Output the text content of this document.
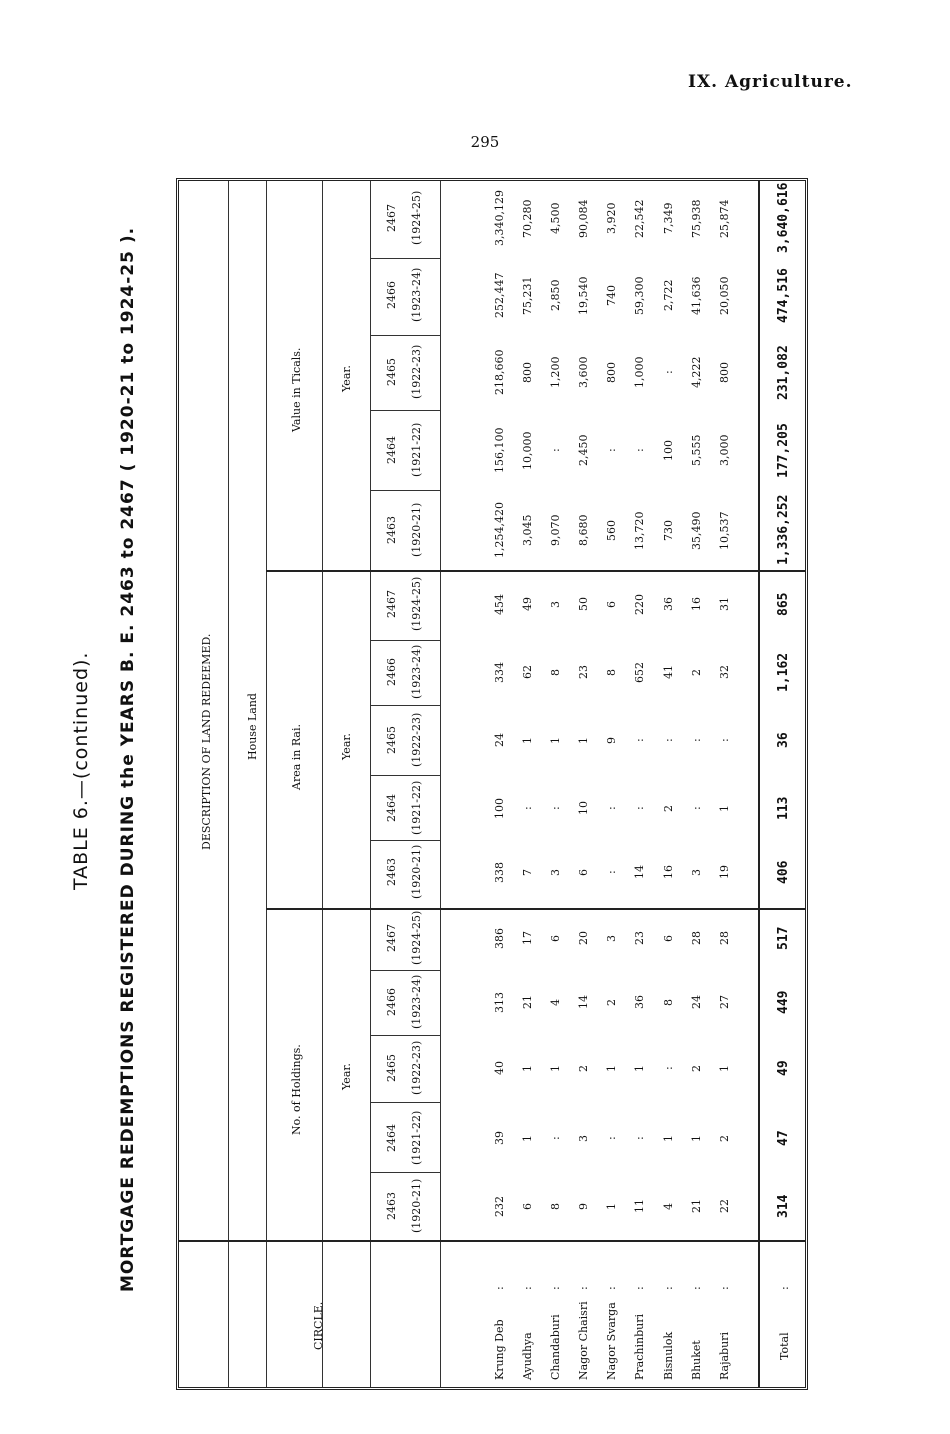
IX. Agriculture.
295
TABLE 6.—(continued). MORTGAGE REDEMPTIONS REGISTERED DURING the YEARS B. E. 2463 to 2467 ( 1920-21 to 1924-25 ).
CIRCLE.
DESCRIPTION OF LAND REDEEMED.	House Land
No. of Holdings.
Area in Rai.
Value in Ticals.
Year.
Year.
Year.
2463 (1920-21)
2464 (1921-22)
2465 (1922-23)
2466 (1923-24)
2467 (1924-25)
2463 (1920-21)
2464 (1921-22)
2465 (1922-23)
2466 (1923-24)
2467 (1924-25)
2463 (1920-21)
2464 (1921-22)
2465 (1922-23)
2466 (1923-24)
2467 (1924-25)
Krung Deb
:
232
39
40
313
386
338
100
24
334
454
1,254,420
156,100
218,660
252,447
3,340,129
Ayudhya
:
6
1
1
21
17
7
:
1
62
49
3,045
10,000
800
75,231
70,280
Chandaburi
:
8
:
1
4
6
3
:
1
8
3
9,070
:
1,200
2,850
4,500
Nagor Chaisri
:
9
3
2
14
20
6
10
1
23
50
8,680
2,450
3,600
19,540
90,084
Nagor Svarga
:
1
:
1
2
3
:
:
9
8
6
560
:
800
740
3,920
Prachinburi
:
11
:
1
36
23
14
:
:
652
220
13,720
:
1,000
59,300
22,542
Bisnulok
:
4
1
:
8
6
16
2
:
41
36
730
100
:
2,722
7,349
Bhuket
:
21
1
2
24
28
3
:
:
2
16
35,490
5,555
4,222
41,636
75,938
Rajaburi
:
22
2
1
27
28
19
1
:
32
31
10,537
3,000
800
20,050
25,874
Total
:
314
47
49
449
517
406
113
36
1,162
865
1,336,252
177,205
231,082
474,516
3,640,616
